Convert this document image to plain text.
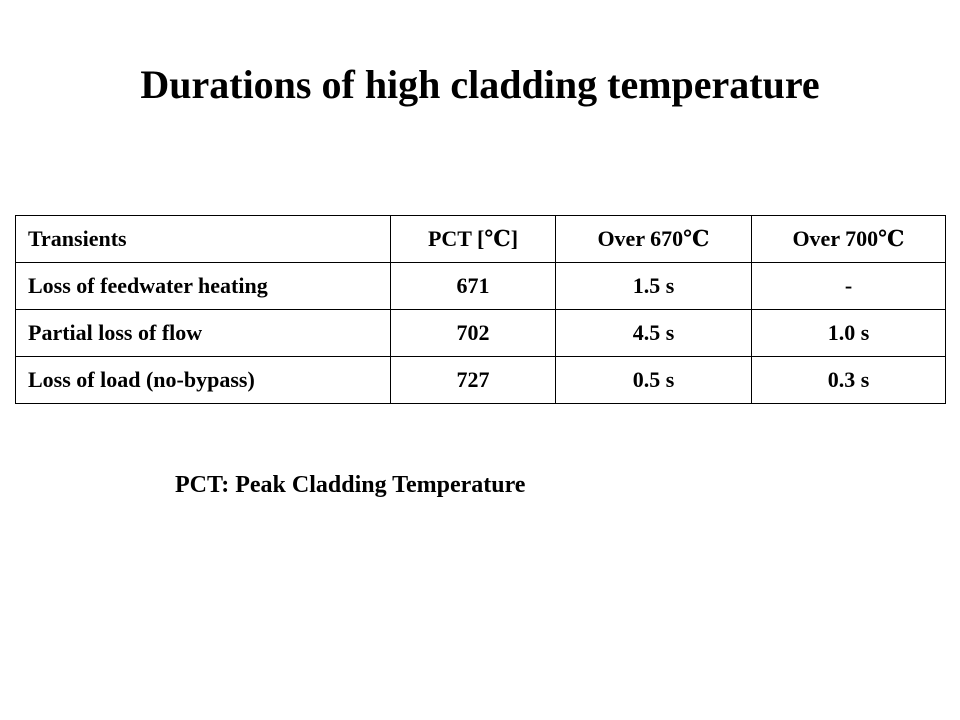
Durations of high cladding temperature
Transients	PCT [℃]	Over 670℃	Over 700℃
Loss of feedwater heating	671	1.5 s	-
Partial loss of flow	702	4.5 s	1.0 s
Loss of load (no-bypass)	727	0.5 s	0.3 s
PCT: Peak Cladding Temperature
